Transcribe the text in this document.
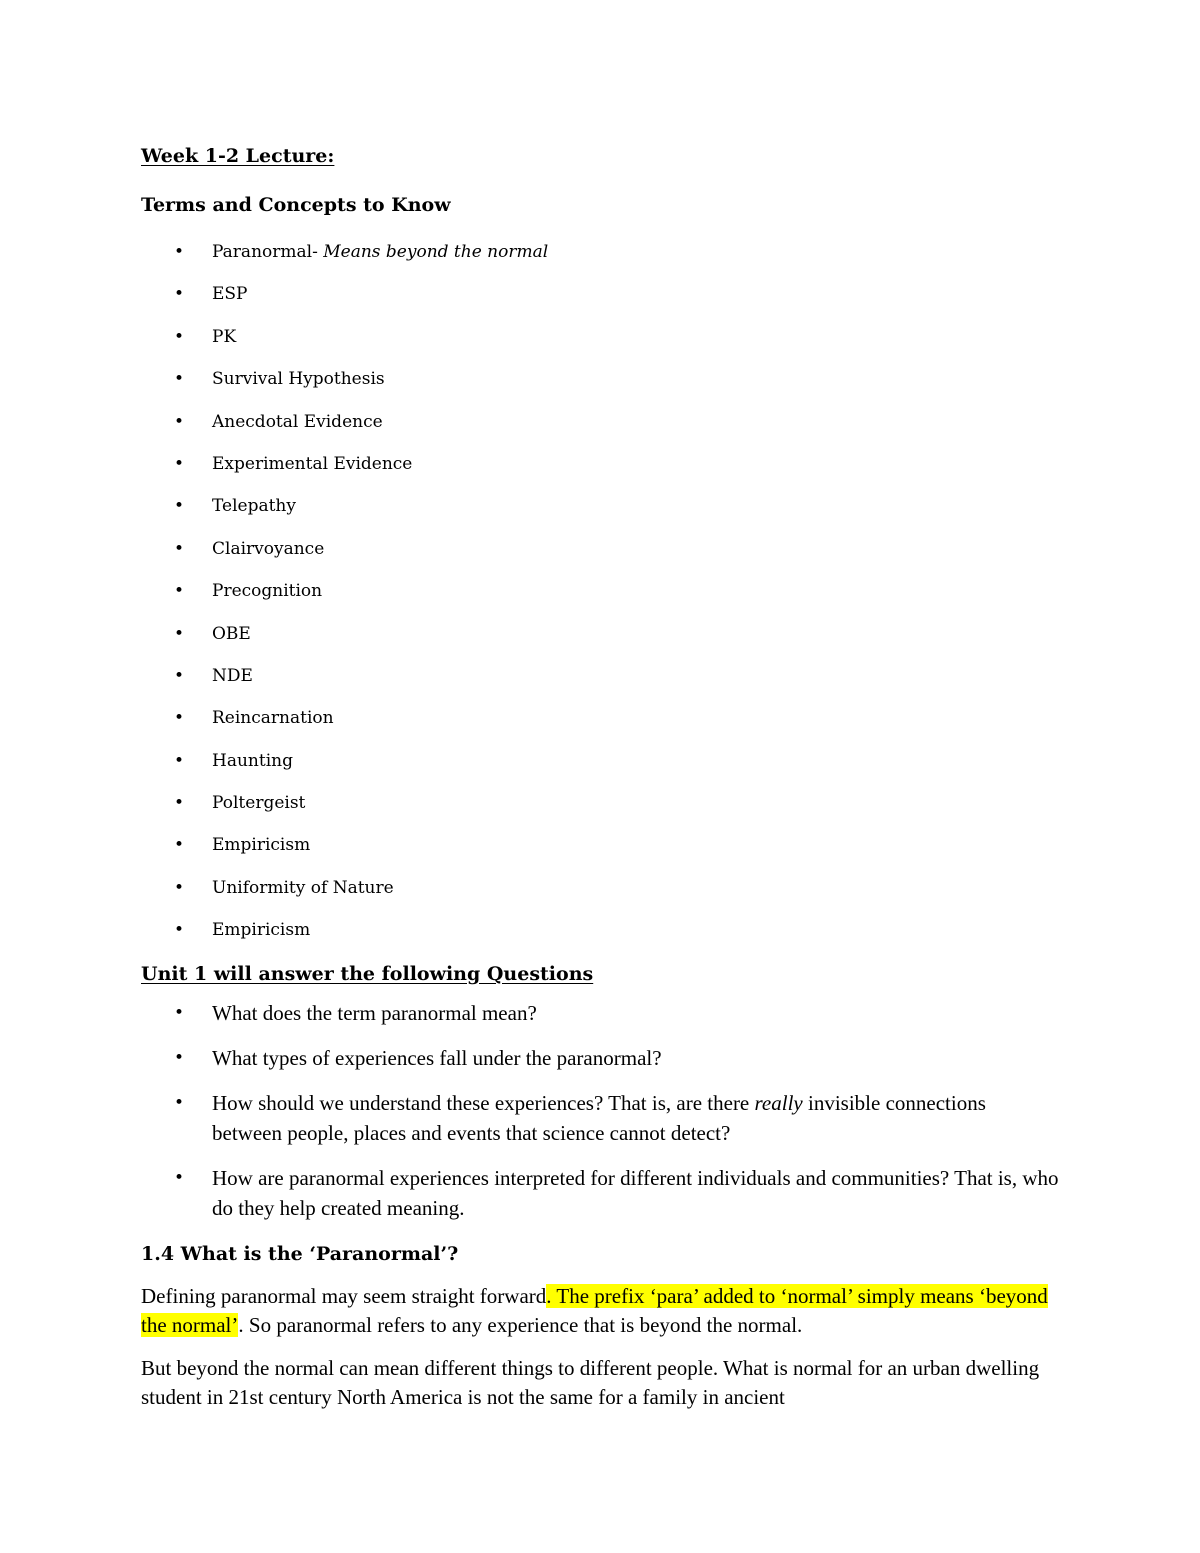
Week 1-2 Lecture:
Terms and Concepts to Know
• Paranormal- Means beyond the normal
• ESP
• PK
• Survival Hypothesis
• Anecdotal Evidence
• Experimental Evidence
• Telepathy
• Clairvoyance
• Precognition
• OBE
• NDE
• Reincarnation
• Haunting
• Poltergeist
• Empiricism
• Uniformity of Nature
• Empiricism
Unit 1 will answer the following Questions
• What does the term paranormal mean?
• What types of experiences fall under the paranormal?
• How should we understand these experiences? That is, are there really invisible connections between people, places and events that science cannot detect?
• How are paranormal experiences interpreted for different individuals and communities? That is, who do they help created meaning.
1.4 What is the ‘Paranormal’?

Defining paranormal may seem straight forward. The prefix ‘para’ added to ‘normal’ simply means ‘beyond the normal’. So paranormal refers to any experience that is beyond the normal.

But beyond the normal can mean different things to different people. What is normal for an urban dwelling student in 21st century North America is not the same for a family in ancient
